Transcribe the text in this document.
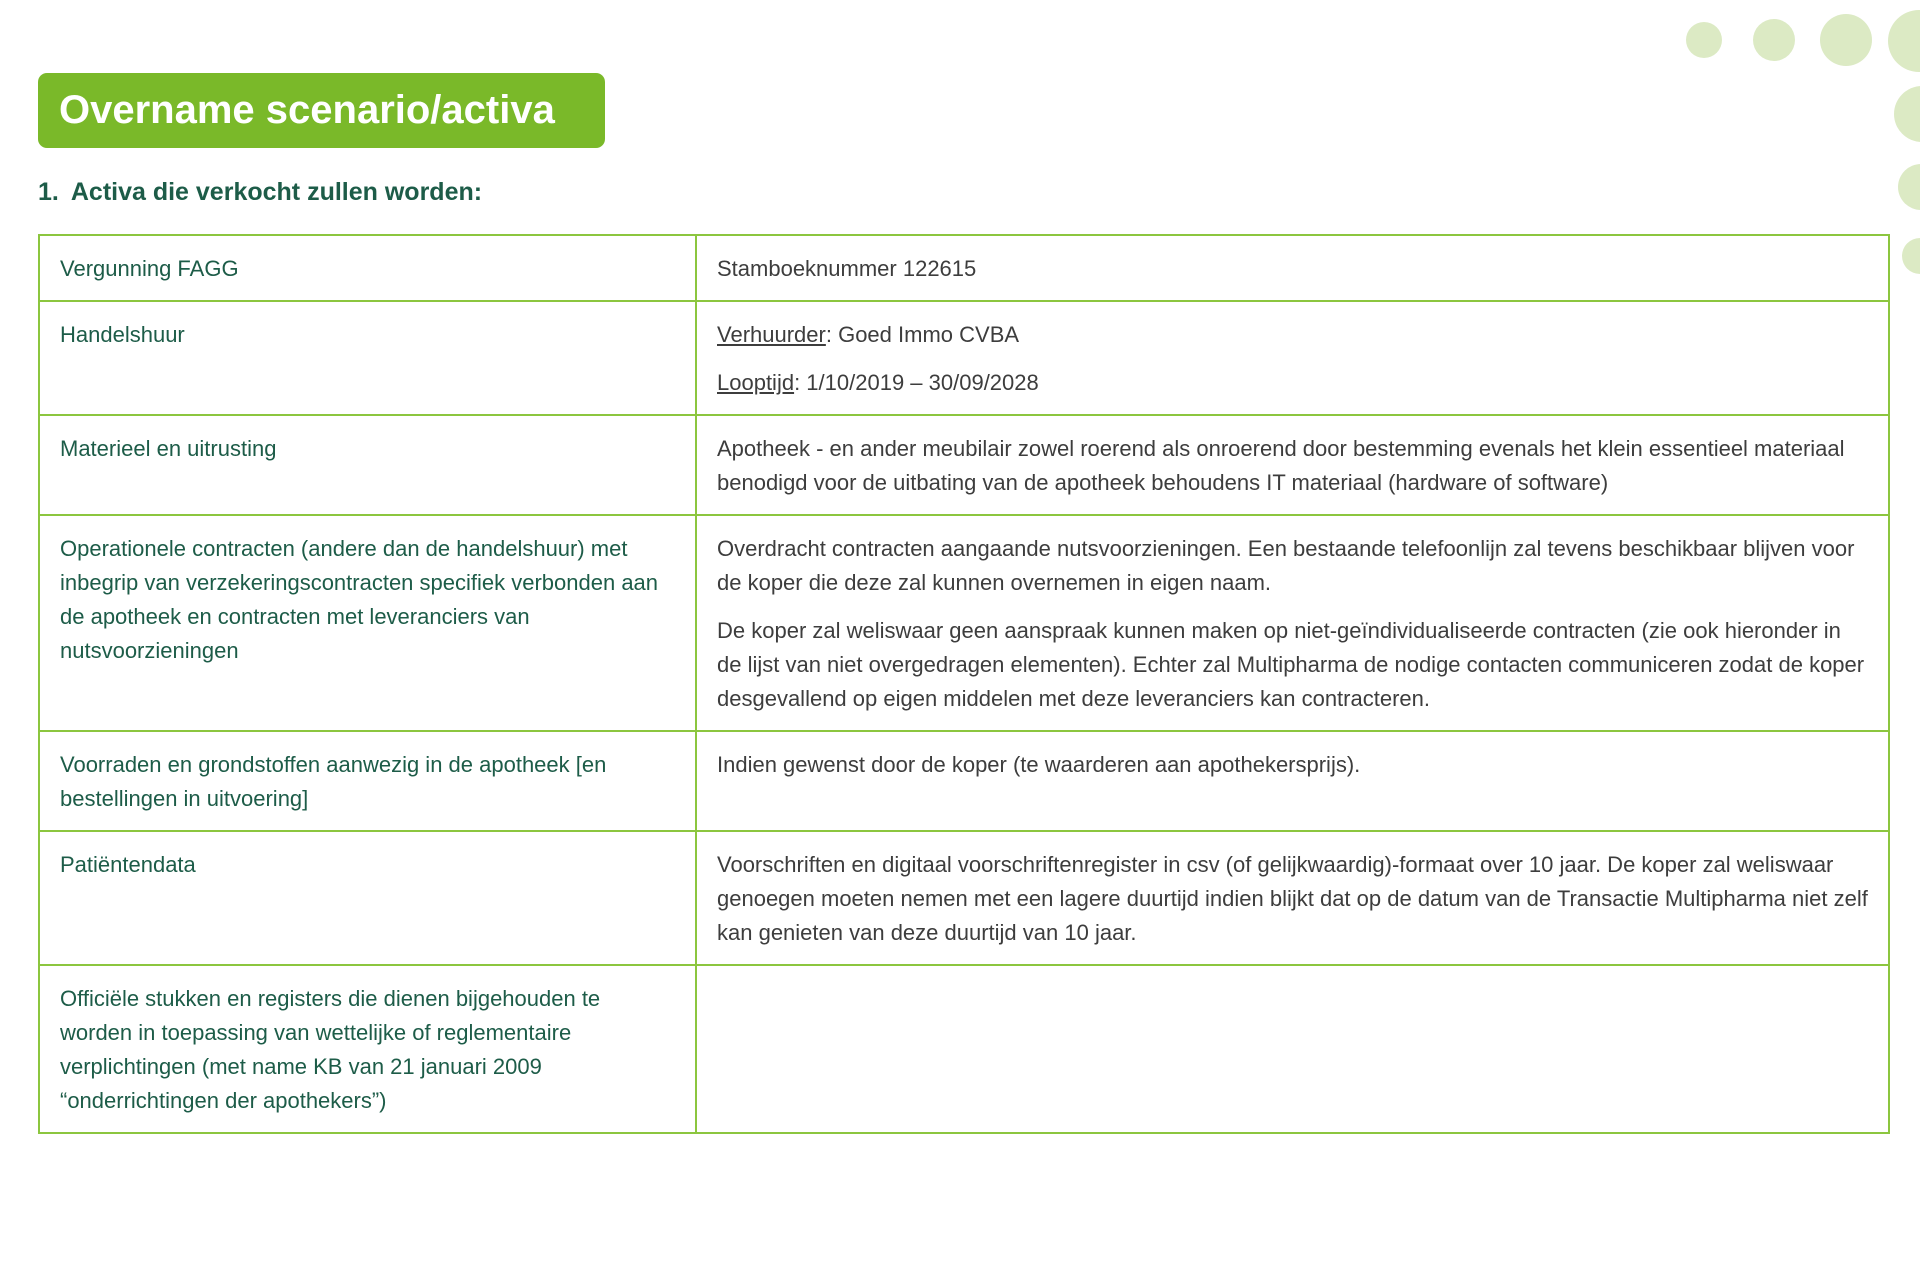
Overname scenario/activa
1. Activa die verkocht zullen worden:
Vergunning FAGG	Stamboeknummer 122615
Handelshuur	Verhuurder: Goed Immo CVBA

Looptijd: 1/10/2019 – 30/09/2028

Materieel en uitrusting	Apotheek - en ander meubilair zowel roerend als onroerend door bestemming evenals het klein essentieel materiaal benodigd voor de uitbating van de apotheek behoudens IT materiaal (hardware of software)
Operationele contracten (andere dan de handelshuur) met inbegrip van verzekeringscontracten specifiek verbonden aan de apotheek en contracten met leveranciers van nutsvoorzieningen	Overdracht contracten aangaande nutsvoorzieningen. Een bestaande telefoonlijn zal tevens beschikbaar blijven voor de koper die deze zal kunnen overnemen in eigen naam.

De koper zal weliswaar geen aanspraak kunnen maken op niet-geïndividualiseerde contracten (zie ook hieronder in de lijst van niet overgedragen elementen). Echter zal Multipharma de nodige contacten communiceren zodat de koper desgevallend op eigen middelen met deze leveranciers kan contracteren.

Voorraden en grondstoffen aanwezig in de apotheek [en bestellingen in uitvoering]	Indien gewenst door de koper (te waarderen aan apothekersprijs).
Patiëntendata	Voorschriften en digitaal voorschriftenregister in csv (of gelijkwaardig)-formaat over 10 jaar. De koper zal weliswaar genoegen moeten nemen met een lagere duurtijd indien blijkt dat op de datum van de Transactie Multipharma niet zelf kan genieten van deze duurtijd van 10 jaar.
Officiële stukken en registers die dienen bijgehouden te worden in toepassing van wettelijke of reglementaire verplichtingen (met name KB van 21 januari 2009 “onderrichtingen der apothekers”)	
